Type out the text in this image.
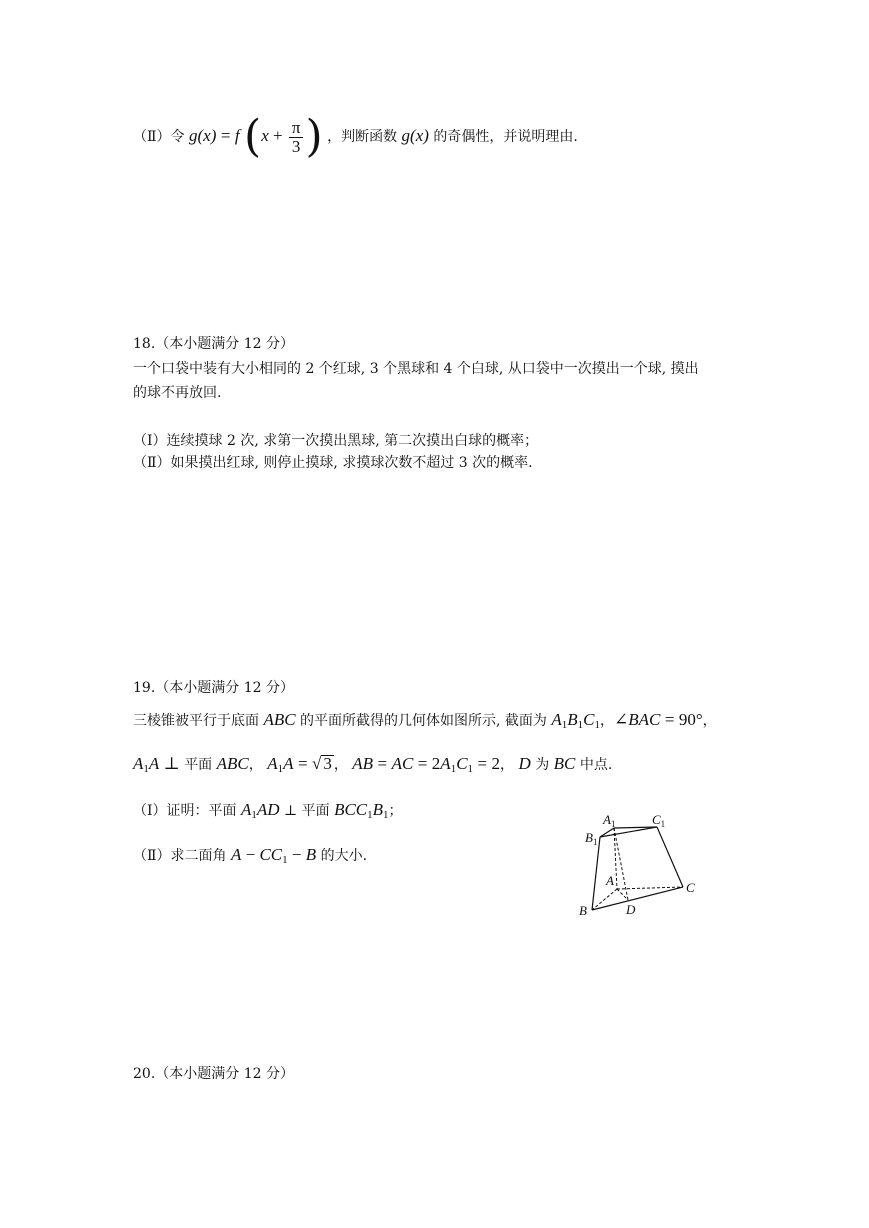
（Ⅱ）令 g(x) = f ($x + \frac{\pi}{3}$ ) ，判断函数 g(x) 的奇偶性，并说明理由.
18.（本小题满分 12 分）
一个口袋中装有大小相同的 2 个红球, 3 个黑球和 4 个白球, 从口袋中一次摸出一个球, 摸出
的球不再放回.
（Ⅰ）连续摸球 2 次, 求第一次摸出黑球, 第二次摸出白球的概率；
（Ⅱ）如果摸出红球, 则停止摸球, 求摸球次数不超过 3 次的概率.
19.（本小题满分 12 分）
三棱锥被平行于底面 ABC 的平面所截得的几何体如图所示, 截面为 $A_1B_1C_1$，∠BAC = 90°，
$A_1A$ ⊥ 平面 ABC， $A_1A$ = √ 3 ， AB = AC = $2A_1C_1 = 2$， D 为 BC 中点.
（Ⅰ）证明：平面 $A_1AD$ ⊥ 平面 $BCC_1B_1$；
（Ⅱ）求二面角 $A - CC_1 - B$ 的大小.
$A_1$	$C_1$
$B_1$
A	C
B	D
20.（本小题满分 12 分）
